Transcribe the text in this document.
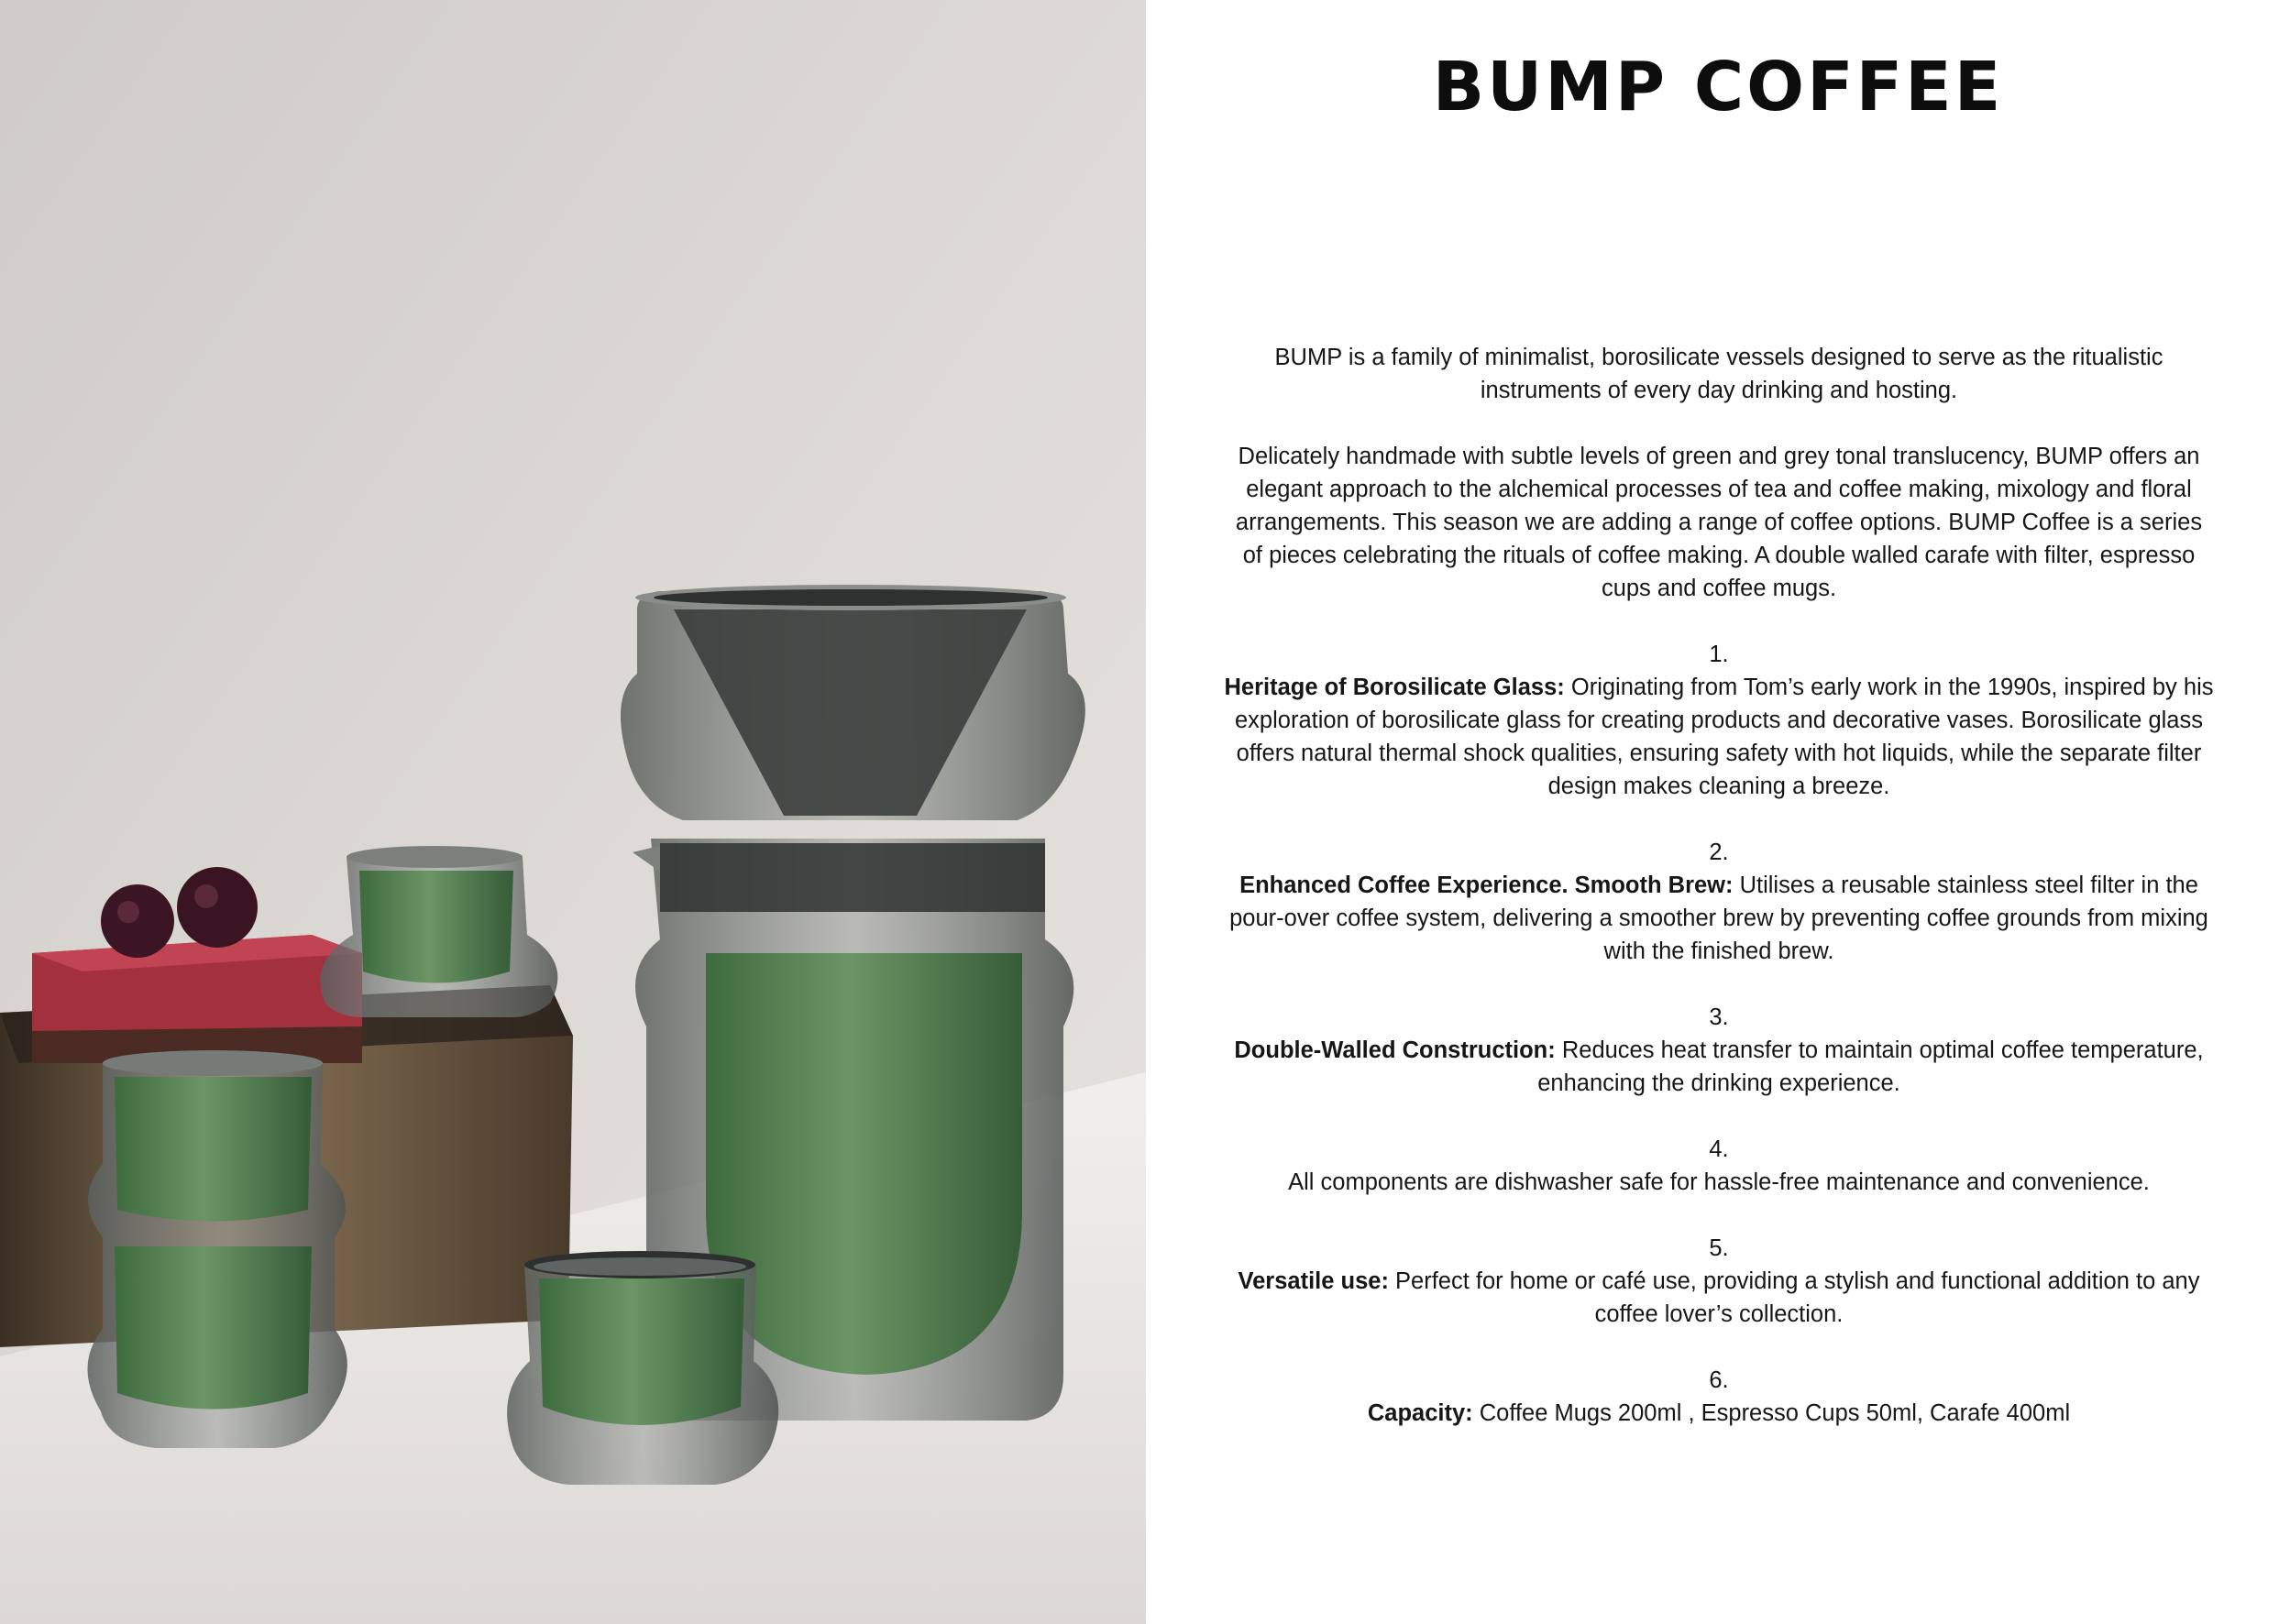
BUMP COFFEE

BUMP is a family of minimalist, borosilicate vessels designed to serve as the ritualistic instruments of every day drinking and hosting.

Delicately handmade with subtle levels of green and grey tonal translucency, BUMP offers an elegant approach to the alchemical processes of tea and coffee making, mixology and floral arrangements. This season we are adding a range of coffee options. BUMP Coffee is a series of pieces celebrating the rituals of coffee making. A double walled carafe with filter, espresso cups and coffee mugs.

1.
Heritage of Borosilicate Glass: Originating from Tom’s early work in the 1990s, inspired by his exploration of borosilicate glass for creating products and decorative vases. Borosilicate glass offers natural thermal shock qualities, ensuring safety with hot liquids, while the separate filter design makes cleaning a breeze.
2.
Enhanced Coffee Experience. Smooth Brew: Utilises a reusable stainless steel filter in the pour-over coffee system, delivering a smoother brew by preventing coffee grounds from mixing with the finished brew.
3.
Double-Walled Construction: Reduces heat transfer to maintain optimal coffee temperature, enhancing the drinking experience.
4.
All components are dishwasher safe for hassle-free maintenance and convenience.
5.
Versatile use: Perfect for home or café use, providing a stylish and functional addition to any coffee lover’s collection.
6.
Capacity: Coffee Mugs 200ml , Espresso Cups 50ml, Carafe 400ml
